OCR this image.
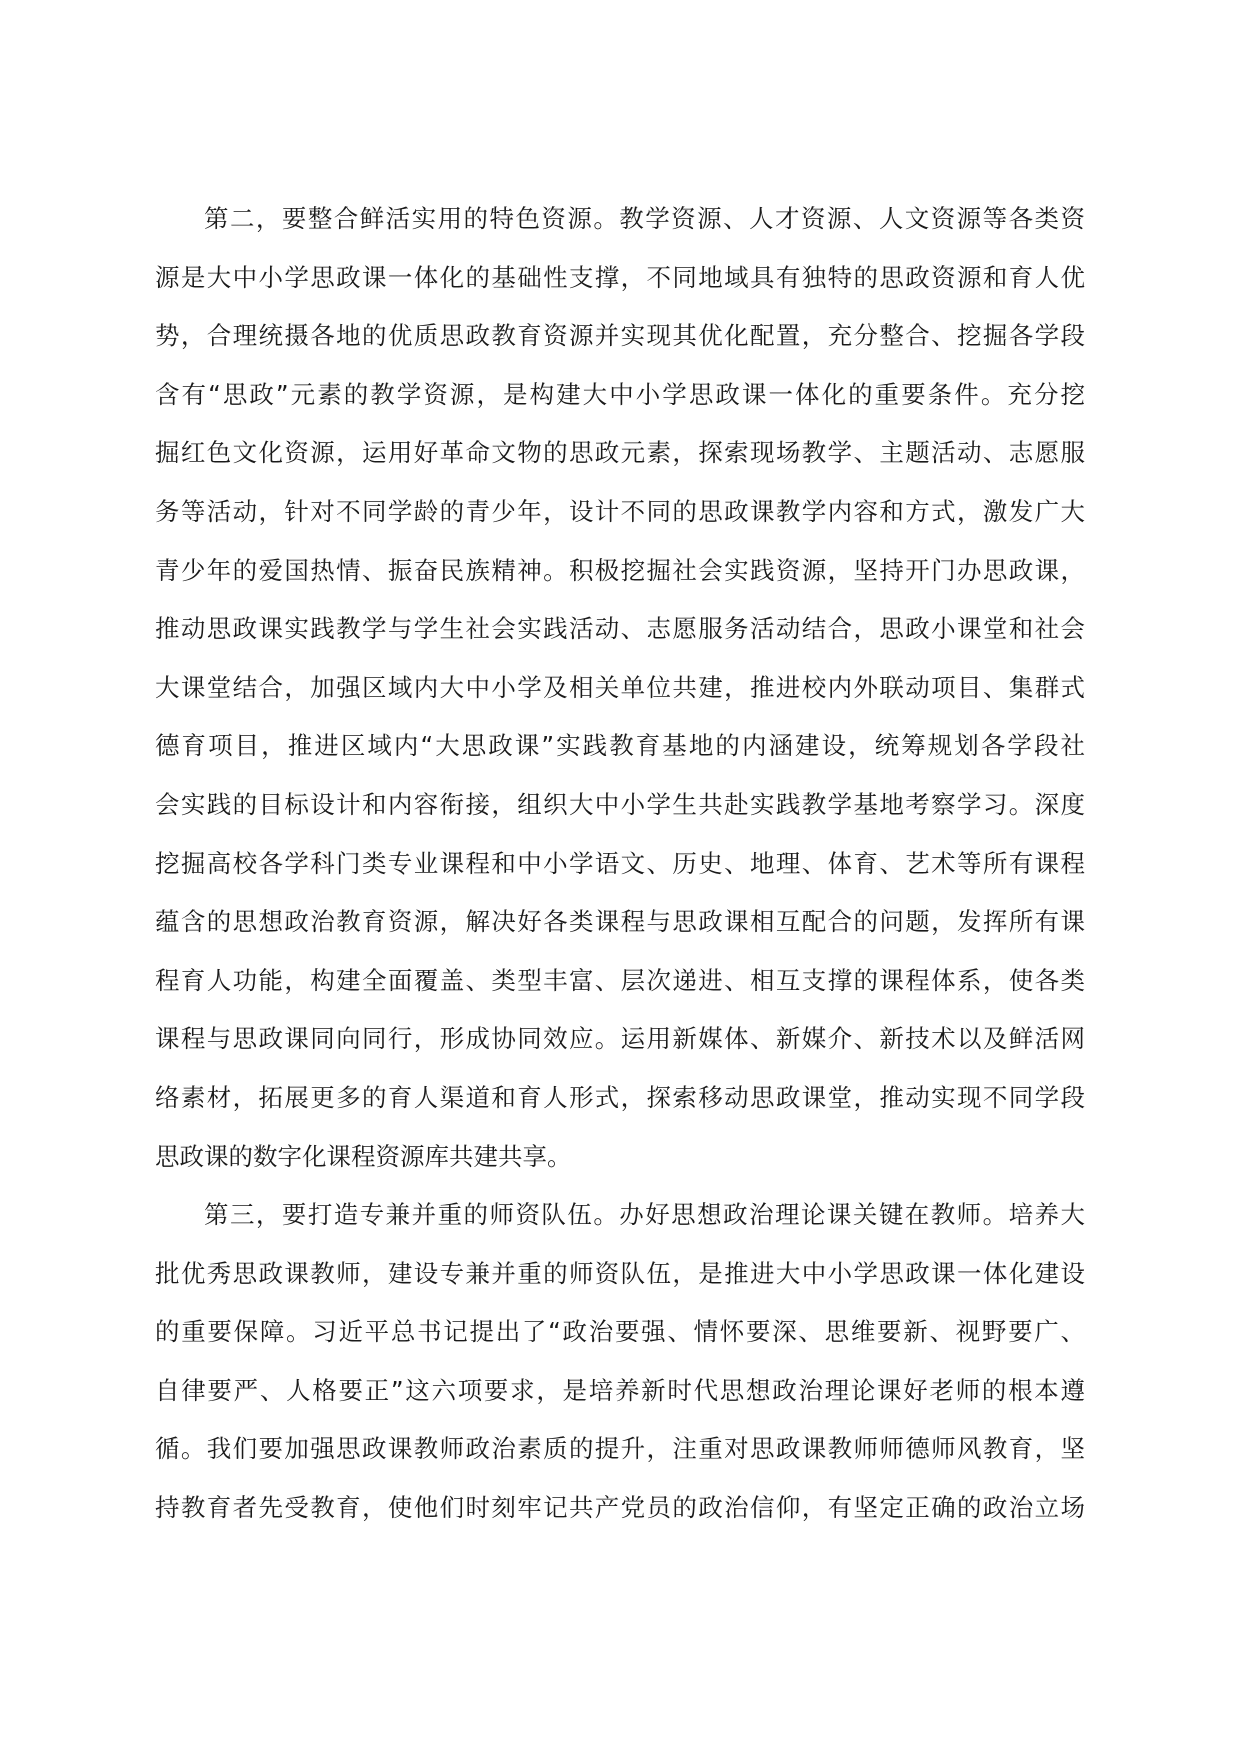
第二，要整合鲜活实用的特色资源。教学资源、人才资源、人文资源等各类资
源是大中小学思政课一体化的基础性支撑，不同地域具有独特的思政资源和育人优
势，合理统摄各地的优质思政教育资源并实现其优化配置，充分整合、挖掘各学段
含有“思政”元素的教学资源，是构建大中小学思政课一体化的重要条件。充分挖
掘红色文化资源，运用好革命文物的思政元素，探索现场教学、主题活动、志愿服
务等活动，针对不同学龄的青少年，设计不同的思政课教学内容和方式，激发广大
青少年的爱国热情、振奋民族精神。积极挖掘社会实践资源，坚持开门办思政课，
推动思政课实践教学与学生社会实践活动、志愿服务活动结合，思政小课堂和社会
大课堂结合，加强区域内大中小学及相关单位共建，推进校内外联动项目、集群式
德育项目，推进区域内“大思政课”实践教育基地的内涵建设，统筹规划各学段社
会实践的目标设计和内容衔接，组织大中小学生共赴实践教学基地考察学习。深度
挖掘高校各学科门类专业课程和中小学语文、历史、地理、体育、艺术等所有课程
蕴含的思想政治教育资源，解决好各类课程与思政课相互配合的问题，发挥所有课
程育人功能，构建全面覆盖、类型丰富、层次递进、相互支撑的课程体系，使各类
课程与思政课同向同行，形成协同效应。运用新媒体、新媒介、新技术以及鲜活网
络素材，拓展更多的育人渠道和育人形式，探索移动思政课堂，推动实现不同学段
思政课的数字化课程资源库共建共享。
第三，要打造专兼并重的师资队伍。办好思想政治理论课关键在教师。培养大
批优秀思政课教师，建设专兼并重的师资队伍，是推进大中小学思政课一体化建设
的重要保障。习近平总书记提出了“政治要强、情怀要深、思维要新、视野要广、
自律要严、人格要正”这六项要求，是培养新时代思想政治理论课好老师的根本遵
循。我们要加强思政课教师政治素质的提升，注重对思政课教师师德师风教育，坚
持教育者先受教育，使他们时刻牢记共产党员的政治信仰，有坚定正确的政治立场
